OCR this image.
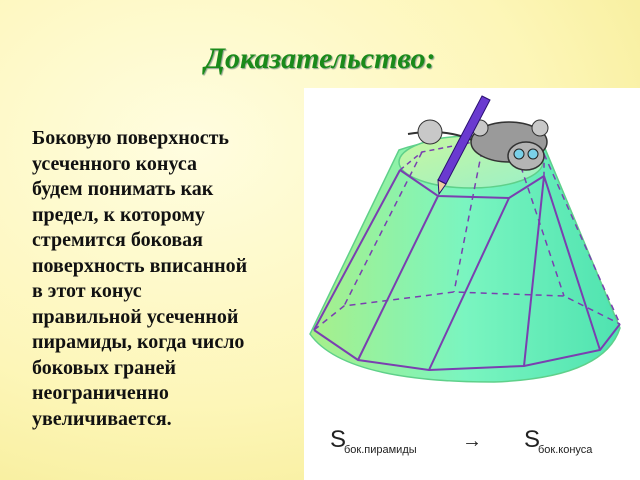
Доказательство:
Боковую поверхность
усеченного конуса
будем понимать как
предел, к которому
стремится боковая
поверхность вписанной
в этот конус
правильной усеченной
пирамиды, когда число
боковых граней
неограниченно
увеличивается.
S
бок.пирамиды → S
бок.конуса
